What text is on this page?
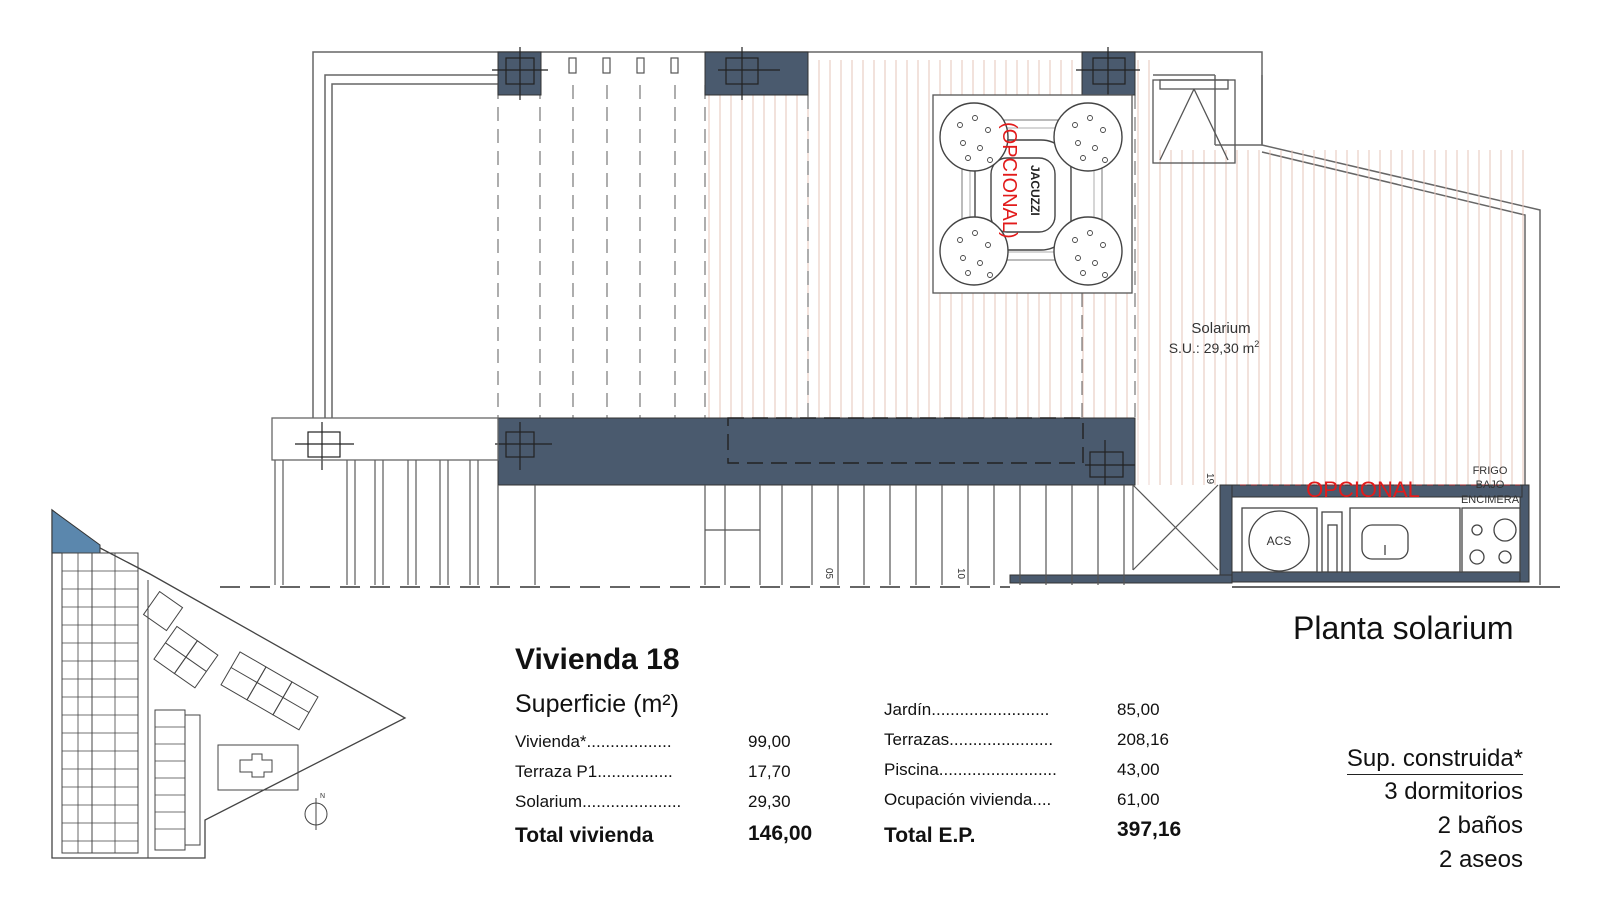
05	10
19
JACUZZI
(OPCIONAL)
Solarium
S.U.: 29,30 $m^2$
ACS
OPCIONAL
FRIGO
BAJO
ENCIMERA
N
Planta solarium
Vivienda 18
Superficie (m²)
Vivienda*..................	99,00
Terraza P1................	17,70
Solarium.....................	29,30
Total vivienda	146,00
Jardín.........................	85,00
Terrazas......................	208,16
Piscina.........................	43,00
Ocupación vivienda....	61,00
Total E.P.	397,16
Sup. construida*
3 dormitorios
2 baños
2 aseos
